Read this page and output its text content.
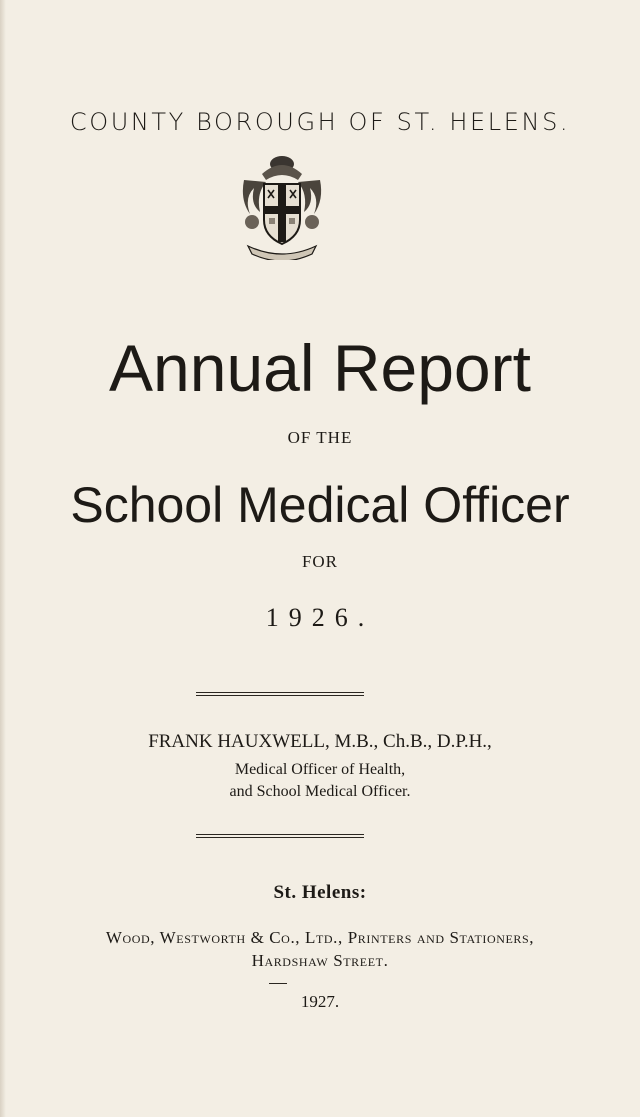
COUNTY BOROUGH OF ST. HELENS.
Annual Report
OF THE
School Medical Officer
FOR
1926.
FRANK HAUXWELL, M.B., Ch.B., D.P.H.,
Medical Officer of Health,
and School Medical Officer.
St. Helens:
Wood, Westworth & Co., Ltd., Printers and Stationers,
Hardshaw Street.
1927.
